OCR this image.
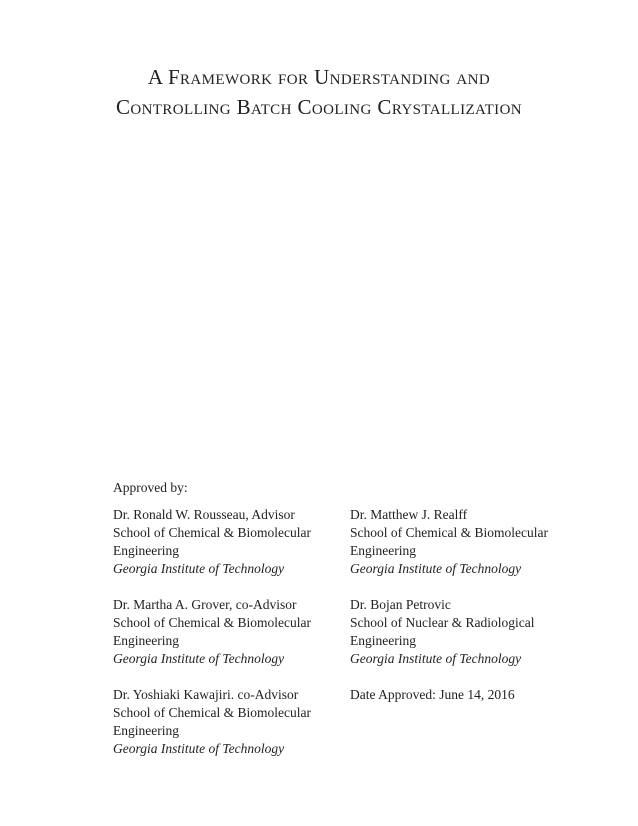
A Framework for Understanding and
Controlling Batch Cooling Crystallization
Approved by:
Dr. Ronald W. Rousseau, Advisor
School of Chemical & Biomolecular
Engineering
Georgia Institute of Technology
Dr. Martha A. Grover, co-Advisor
School of Chemical & Biomolecular
Engineering
Georgia Institute of Technology
Dr. Yoshiaki Kawajiri. co-Advisor
School of Chemical & Biomolecular
Engineering
Georgia Institute of Technology
Dr. Matthew J. Realff
School of Chemical & Biomolecular
Engineering
Georgia Institute of Technology
Dr. Bojan Petrovic
School of Nuclear & Radiological
Engineering
Georgia Institute of Technology
Date Approved: June 14, 2016
